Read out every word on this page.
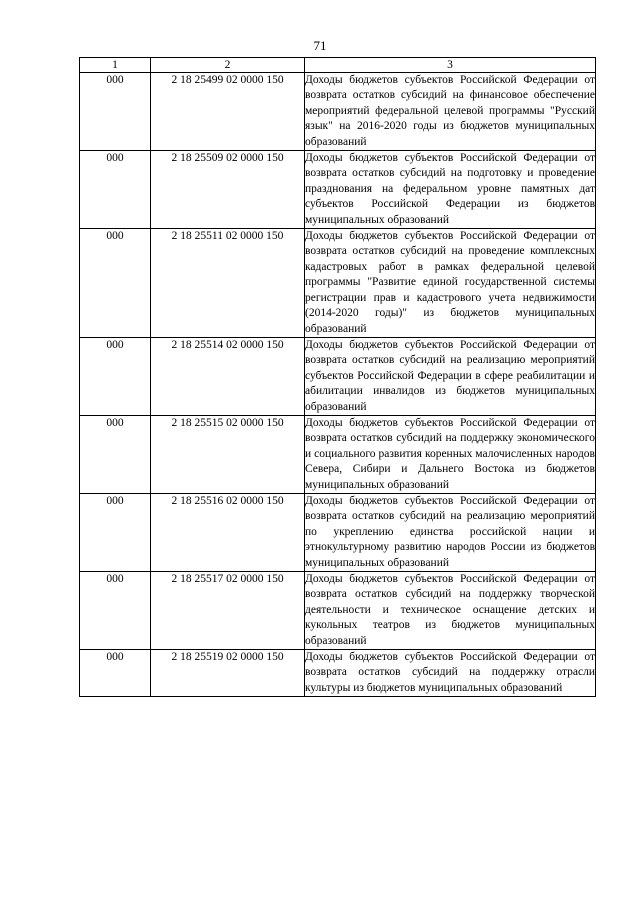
71
1	2	3
000	2 18 25499 02 0000 150	Доходы бюджетов субъектов Российской Федерации от возврата остатков субсидий на финансовое обеспечение мероприятий федеральной целевой программы "Русский язык" на 2016-2020 годы из бюджетов муниципальных образований
000	2 18 25509 02 0000 150	Доходы бюджетов субъектов Российской Федерации от возврата остатков субсидий на подготовку и проведение празднования на федеральном уровне памятных дат субъектов Российской Федерации из бюджетов муниципальных образований
000	2 18 25511 02 0000 150	Доходы бюджетов субъектов Российской Федерации от возврата остатков субсидий на проведение комплексных кадастровых работ в рамках федеральной целевой программы "Развитие единой государственной системы регистрации прав и кадастрового учета недвижимости (2014-2020 годы)" из бюджетов муниципальных образований
000	2 18 25514 02 0000 150	Доходы бюджетов субъектов Российской Федерации от возврата остатков субсидий на реализацию мероприятий субъектов Российской Федерации в сфере реабилитации и абилитации инвалидов из бюджетов муниципальных образований
000	2 18 25515 02 0000 150	Доходы бюджетов субъектов Российской Федерации от возврата остатков субсидий на поддержку экономического и социального развития коренных малочисленных народов Севера, Сибири и Дальнего Востока из бюджетов муниципальных образований
000	2 18 25516 02 0000 150	Доходы бюджетов субъектов Российской Федерации от возврата остатков субсидий на реализацию мероприятий по укреплению единства российской нации и этнокультурному развитию народов России из бюджетов муниципальных образований
000	2 18 25517 02 0000 150	Доходы бюджетов субъектов Российской Федерации от возврата остатков субсидий на поддержку творческой деятельности и техническое оснащение детских и кукольных театров из бюджетов муниципальных образований
000	2 18 25519 02 0000 150	Доходы бюджетов субъектов Российской Федерации от возврата остатков субсидий на поддержку отрасли культуры из бюджетов муниципальных образований
